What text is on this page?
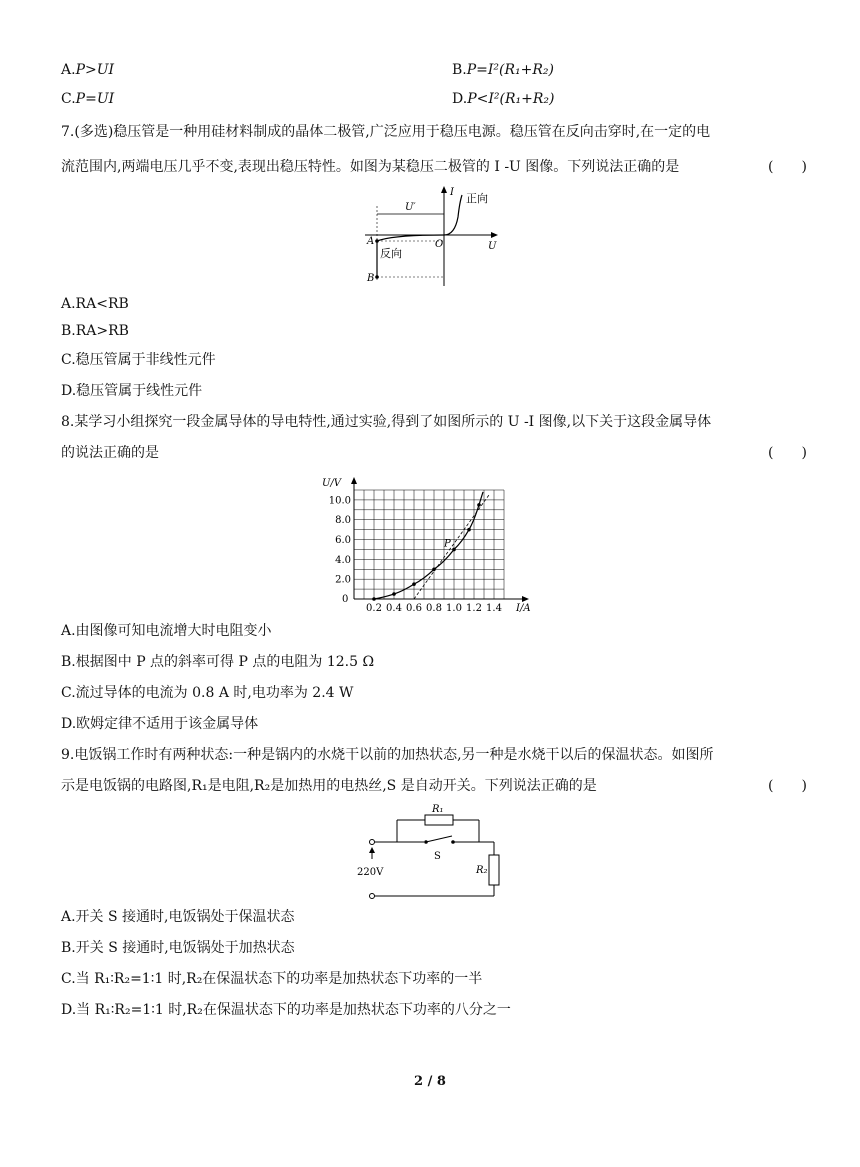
A.P>UI	B.P=I²(R₁+R₂)
C.P=UI	D.P<I²(R₁+R₂)
7.(多选)稳压管是一种用硅材料制成的晶体二极管,广泛应用于稳压电源。稳压管在反向击穿时,在一定的电
流范围内,两端电压几乎不变,表现出稳压特性。如图为某稳压二极管的 I -U 图像。下列说法正确的是	(　　)
I
U
O
U′
正向
反向
A
B
A.RA<RB
B.RA>RB
C.稳压管属于非线性元件
D.稳压管属于线性元件
8.某学习小组探究一段金属导体的导电特性,通过实验,得到了如图所示的 U -I 图像,以下关于这段金属导体
的说法正确的是	(　　)
0.2 0.4 0.6 0.8 1.0 1.2 1.4
2.0
4.0
6.0
8.0
10.0
U/V
I/A
0
P
A.由图像可知电流增大时电阻变小
B.根据图中 P 点的斜率可得 P 点的电阻为 12.5 Ω
C.流过导体的电流为 0.8 A 时,电功率为 2.4 W
D.欧姆定律不适用于该金属导体
9.电饭锅工作时有两种状态:一种是锅内的水烧干以前的加热状态,另一种是水烧干以后的保温状态。如图所
示是电饭锅的电路图,R₁是电阻,R₂是加热用的电热丝,S 是自动开关。下列说法正确的是	(　　)
R₁
S
220V	R₂
A.开关 S 接通时,电饭锅处于保温状态
B.开关 S 接通时,电饭锅处于加热状态
C.当 R₁∶R₂=1∶1 时,R₂在保温状态下的功率是加热状态下功率的一半
D.当 R₁∶R₂=1∶1 时,R₂在保温状态下的功率是加热状态下功率的八分之一
2 / 8
